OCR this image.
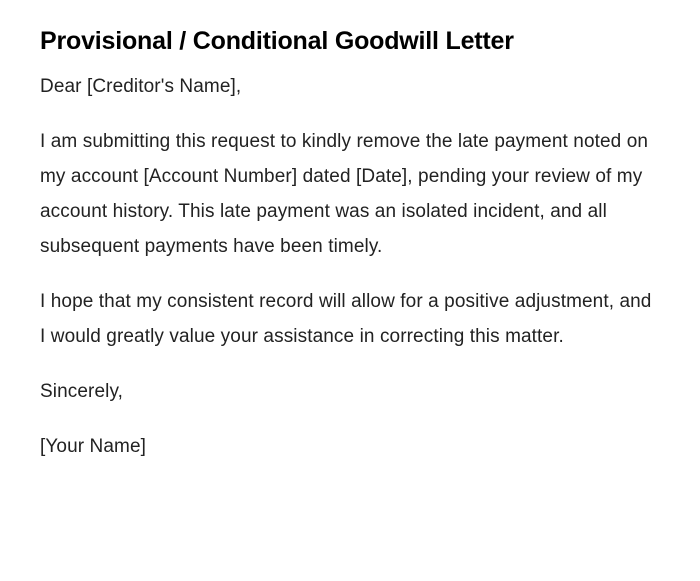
Provisional / Conditional Goodwill Letter

Dear [Creditor's Name],

I am submitting this request to kindly remove the late payment noted on my account [Account Number] dated [Date], pending your review of my account history. This late payment was an isolated incident, and all subsequent payments have been timely.

I hope that my consistent record will allow for a positive adjustment, and I would greatly value your assistance in correcting this matter.

Sincerely,

[Your Name]
